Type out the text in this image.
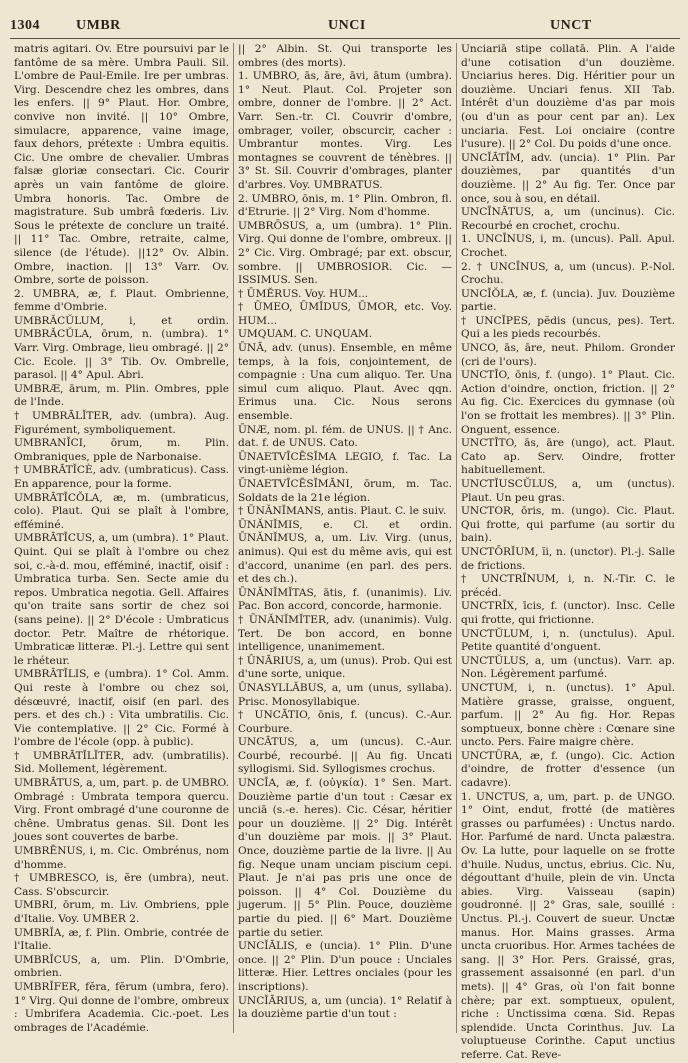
1304	UMBR	UNCI	UNCT

matris agitari. Ov. Etre poursuivi par le fantôme de sa mère. Umbra Pauli. Sil. L'ombre de Paul-Emile. Ire per umbras. Virg. Descendre chez les ombres, dans les enfers. || 9° Plaut. Hor. Ombre, convive non invité. || 10° Ombre, simulacre, apparence, vaine image, faux dehors, prétexte : Umbra equitis. Cic. Une ombre de chevalier. Umbras falsæ gloriæ consectari. Cic. Courir après un vain fantôme de gloire. Umbra honoris. Tac. Ombre de magistrature. Sub umbrâ fœderis. Liv. Sous le prétexte de conclure un traité. || 11° Tac. Ombre, retraite, calme, silence (de l'étude). ||12° Ov. Albin. Ombre, inaction. || 13° Varr. Ov. Ombre, sorte de poisson.

2. UMBRA, æ, f. Plaut. Ombrienne, femme d'Ombrie.

UMBRĂCŬLUM, i, et ordin. UMBRĂCŬLA, ōrum, n. (umbra). 1° Varr. Virg. Ombrage, lieu ombragé. || 2° Cic. Ecole. || 3° Tib. Ov. Ombrelle, parasol. || 4° Apul. Abri.

UMBRÆ, ārum, m. Plin. Ombres, pple de l'Inde.

† UMBRĀLĬTER, adv. (umbra). Aug. Figurément, symboliquement.

UMBRANĬCI, ōrum, m. Plin. Ombraniques, pple de Narbonaise.

† UMBRĀTĬCÈ, adv. (umbraticus). Cass. En apparence, pour la forme.

UMBRĀTĬCŎLA, æ, m. (umbraticus, colo). Plaut. Qui se plaît à l'ombre, efféminé.

UMBRĀTĬCUS, a, um (umbra). 1° Plaut. Quint. Qui se plaît à l'ombre ou chez soi, c.-à-d. mou, efféminé, inactif, oisif : Umbratica turba. Sen. Secte amie du repos. Umbratica negotia. Gell. Affaires qu'on traite sans sortir de chez soi (sans peine). || 2° D'école : Umbraticus doctor. Petr. Maître de rhétorique. Umbraticæ litteræ. Pl.-j. Lettre qui sent le rhéteur.

UMBRĀTĬLIS, e (umbra). 1° Col. Amm. Qui reste à l'ombre ou chez soi, désœuvré, inactif, oisif (en parl. des pers. et des ch.) : Vita umbratilis. Cic. Vie contemplative. || 2° Cic. Formé à l'ombre de l'école (opp. à public).

† UMBRĀTĬLĬTER, adv. (umbratilis). Sid. Mollement, légèrement.

UMBRĀTUS, a, um, part. p. de UMBRO. Ombragé : Umbrata tempora quercu. Virg. Front ombragé d'une couronne de chêne. Umbratus genas. Sil. Dont les joues sont couvertes de barbe.

UMBRĒNUS, i, m. Cic. Ombrénus, nom d'homme.

† UMBRESCO, is, ĕre (umbra), neut. Cass. S'obscurcir.

UMBRI, ōrum, m. Liv. Ombriens, pple d'Italie. Voy. UMBER 2.

UMBRĬA, æ, f. Plin. Ombrie, contrée de l'Italie.

UMBRĬCUS, a, um. Plin. D'Ombrie, ombrien.

UMBRĬFER, fĕra, fĕrum (umbra, fero). 1° Virg. Qui donne de l'ombre, ombreux : Umbrifera Academia. Cic.-poet. Les ombrages de l'Académie.

|| 2° Albin. St. Qui transporte les ombres (des morts).

1. UMBRO, ās, āre, āvi, ātum (umbra). 1° Neut. Plaut. Col. Projeter son ombre, donner de l'ombre. || 2° Act. Varr. Sen.-tr. Cl. Couvrir d'ombre, ombrager, voiler, obscurcir, cacher : Umbrantur montes. Virg. Les montagnes se couvrent de ténèbres. || 3° St. Sil. Couvrir d'ombrages, planter d'arbres. Voy. UMBRATUS.

2. UMBRO, ōnis, m. 1° Plin. Ombron, fl. d'Etrurie. || 2° Virg. Nom d'homme.

UMBRŌSUS, a, um (umbra). 1° Plin. Virg. Qui donne de l'ombre, ombreux. || 2° Cic. Virg. Ombragé; par ext. obscur, sombre. || UMBROSIOR. Cic. — ISSIMUS. Sen.

† ŪMĔRUS. Voy. HUM...

† ŪMEO, ŪMĬDUS, ŪMOR, etc. Voy. HUM...

UMQUAM. C. UNQUAM.

ŪNĀ, adv. (unus). Ensemble, en même temps, à la fois, conjointement, de compagnie : Una cum aliquo. Ter. Una simul cum aliquo. Plaut. Avec qqn. Erimus una. Cic. Nous serons ensemble.

ŪNÆ, nom. pl. fém. de UNUS. || † Anc. dat. f. de UNUS. Cato.

ŪNAETVĪCĒSĬMA LEGIO, f. Tac. La vingt-unième légion.

ŪNAETVĪCĒSĬMĀNI, ōrum, m. Tac. Soldats de la 21e légion.

† ŪNĂNĬMANS, antis. Plaut. C. le suiv.

ŪNĂNĬMIS, e. Cl. et ordin. ŪNĂNĬMUS, a, um. Liv. Virg. (unus, animus). Qui est du même avis, qui est d'accord, unanime (en parl. des pers. et des ch.).

ŪNĂNĬMĬTAS, ātis, f. (unanimis). Liv. Pac. Bon accord, concorde, harmonie.

† ŪNĂNĬMĬTER, adv. (unanimis). Vulg. Tert. De bon accord, en bonne intelligence, unanimement.

† ŪNĀRIUS, a, um (unus). Prob. Qui est d'une sorte, unique.

ŪNASYLLĂBUS, a, um (unus, syllaba). Prisc. Monosyllabique.

† UNCĀTIO, ōnis, f. (uncus). C.-Aur. Courbure.

UNCĀTUS, a, um (uncus). C.-Aur. Courbé, recourbé. || Au fig. Uncati syllogismi. Sid. Syllogismes crochus.

UNCĬA, æ, f. (οὐγκία). 1° Sen. Mart. Douzième partie d'un tout : Cæsar ex unciā (s.-e. heres). Cic. César, héritier pour un douzième. || 2° Dig. Intérêt d'un douzième par mois. || 3° Plaut. Once, douzième partie de la livre. || Au fig. Neque unam unciam piscium cepi. Plaut. Je n'ai pas pris une once de poisson. || 4° Col. Douzième du jugerum. || 5° Plin. Pouce, douzième partie du pied. || 6° Mart. Douzième partie du setier.

UNCĬĀLIS, e (uncia). 1° Plin. D'une once. || 2° Plin. D'un pouce : Unciales litteræ. Hier. Lettres onciales (pour les inscriptions).

UNCĬĀRIUS, a, um (uncia). 1° Relatif à la douzième partie d'un tout :

Unciariā stipe collatā. Plin. A l'aide d'une cotisation d'un douzième. Unciarius heres. Dig. Héritier pour un douzième. Unciari fenus. XII Tab. Intérêt d'un douzième d'as par mois (ou d'un as pour cent par an). Lex unciaria. Fest. Loi onciaire (contre l'usure). || 2° Col. Du poids d'une once.

UNCĬĀTĪM, adv. (uncia). 1° Plin. Par douzièmes, par quantités d'un douzième. || 2° Au fig. Ter. Once par once, sou à sou, en détail.

UNCĪNĀTUS, a, um (uncinus). Cic. Recourbé en crochet, crochu.

1. UNCĪNUS, i, m. (uncus). Pall. Apul. Crochet.

2. † UNCĪNUS, a, um (uncus). P.-Nol. Crochu.

UNCĬŎLA, æ, f. (uncia). Juv. Douzième partie.

† UNCĬPES, pĕdis (uncus, pes). Tert. Qui a les pieds recourbés.

UNCO, ās, āre, neut. Philom. Gronder (cri de l'ours).

UNCTĬO, ōnis, f. (ungo). 1° Plaut. Cic. Action d'oindre, onction, friction. || 2° Au fig. Cic. Exercices du gymnase (où l'on se frottait les membres). || 3° Plin. Onguent, essence.

UNCTĬTO, ās, āre (ungo), act. Plaut. Cato ap. Serv. Oindre, frotter habituellement.

UNCTĬUSCŬLUS, a, um (unctus). Plaut. Un peu gras.

UNCTOR, ōris, m. (ungo). Cic. Plaut. Qui frotte, qui parfume (au sortir du bain).

UNCTŌRĬUM, ĭi, n. (unctor). Pl.-j. Salle de frictions.

† UNCTRĪNUM, i, n. N.-Tir. C. le précéd.

UNCTRĪX, īcis, f. (unctor). Insc. Celle qui frotte, qui frictionne.

UNCTŬLUM, i, n. (unctulus). Apul. Petite quantité d'onguent.

UNCTŬLUS, a, um (unctus). Varr. ap. Non. Légèrement parfumé.

UNCTUM, i, n. (unctus). 1° Apul. Matière grasse, graisse, onguent, parfum. || 2° Au fig. Hor. Repas somptueux, bonne chère : Cœnare sine uncto. Pers. Faire maigre chère.

UNCTŪRA, æ, f. (ungo). Cic. Action d'oindre, de frotter d'essence (un cadavre).

1. UNCTUS, a, um, part. p. de UNGO. 1° Oint, endut, frotté (de matières grasses ou parfumées) : Unctus nardo. Hor. Parfumé de nard. Uncta palæstra. Ov. La lutte, pour laquelle on se frotte d'huile. Nudus, unctus, ebrius. Cic. Nu, dégouttant d'huile, plein de vin. Uncta abies. Virg. Vaisseau (sapin) goudronné. || 2° Gras, sale, souillé : Unctus. Pl.-j. Couvert de sueur. Unctæ manus. Hor. Mains grasses. Arma uncta cruoribus. Hor. Armes tachées de sang. || 3° Hor. Pers. Graissé, gras, grassement assaisonné (en parl. d'un mets). || 4° Gras, où l'on fait bonne chère; par ext. somptueux, opulent, riche : Unctissima cœna. Sid. Repas splendide. Uncta Corinthus. Juv. La voluptueuse Corinthe. Caput unctius referre. Cat. Reve-
